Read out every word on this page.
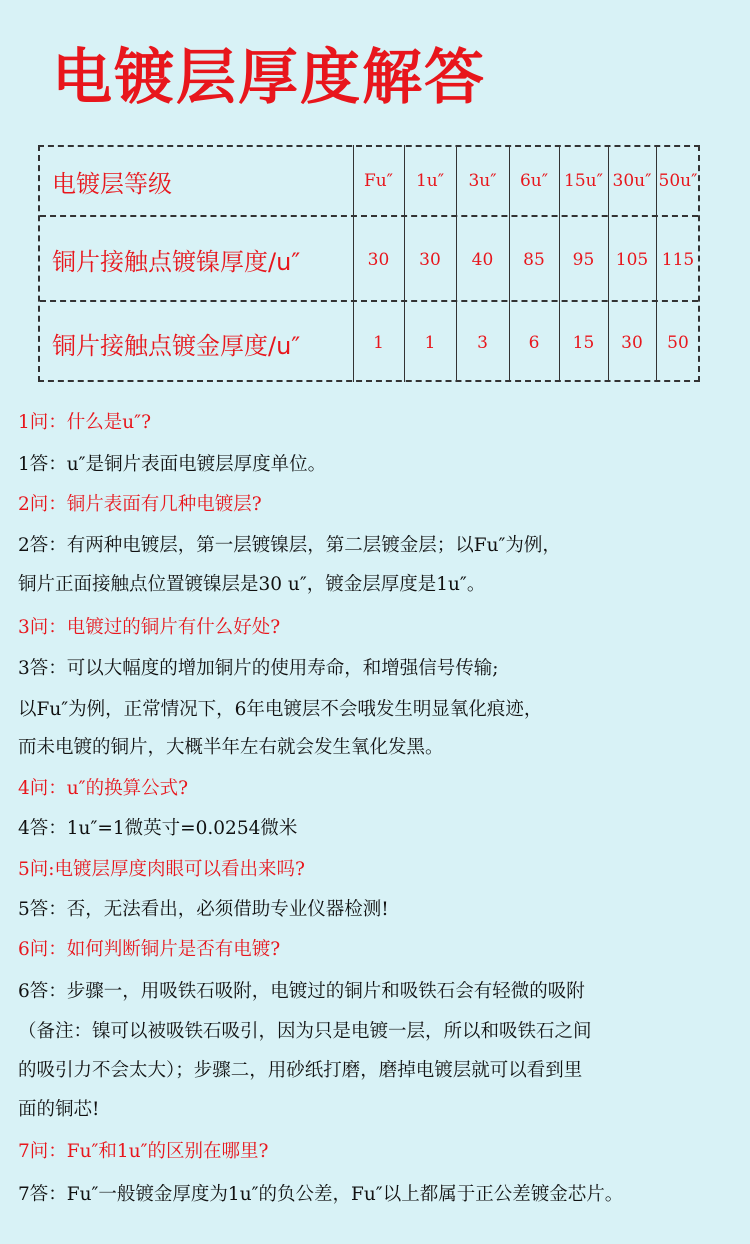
电镀层厚度解答
电镀层等级	Fu″	1u″	3u″	6u″ 15u″ 30u″ 50u″
铜片接触点镀镍厚度/u″	30	30	40	85	95	105 115
铜片接触点镀金厚度/u″	1	1	3	6	15	30	50
1问：什么是u″?
1答：u″是铜片表面电镀层厚度单位。
2问：铜片表面有几种电镀层?
2答：有两种电镀层，第一层镀镍层，第二层镀金层；以Fu″为例，
铜片正面接触点位置镀镍层是30 u″，镀金层厚度是1u″。
3问：电镀过的铜片有什么好处?
3答：可以大幅度的增加铜片的使用寿命，和增强信号传输;
以Fu″为例，正常情况下，6年电镀层不会哦发生明显氧化痕迹，
而未电镀的铜片，大概半年左右就会发生氧化发黑。
4问：u″的换算公式?
4答：1u″=1微英寸=0.0254微米
5问:电镀层厚度肉眼可以看出来吗?
5答：否，无法看出，必须借助专业仪器检测!
6问：如何判断铜片是否有电镀?
6答：步骤一，用吸铁石吸附，电镀过的铜片和吸铁石会有轻微的吸附
（备注：镍可以被吸铁石吸引，因为只是电镀一层，所以和吸铁石之间
的吸引力不会太大）；步骤二，用砂纸打磨，磨掉电镀层就可以看到里
面的铜芯!
7问：Fu″和1u″的区别在哪里?
7答：Fu″一般镀金厚度为1u″的负公差，Fu″以上都属于正公差镀金芯片。
